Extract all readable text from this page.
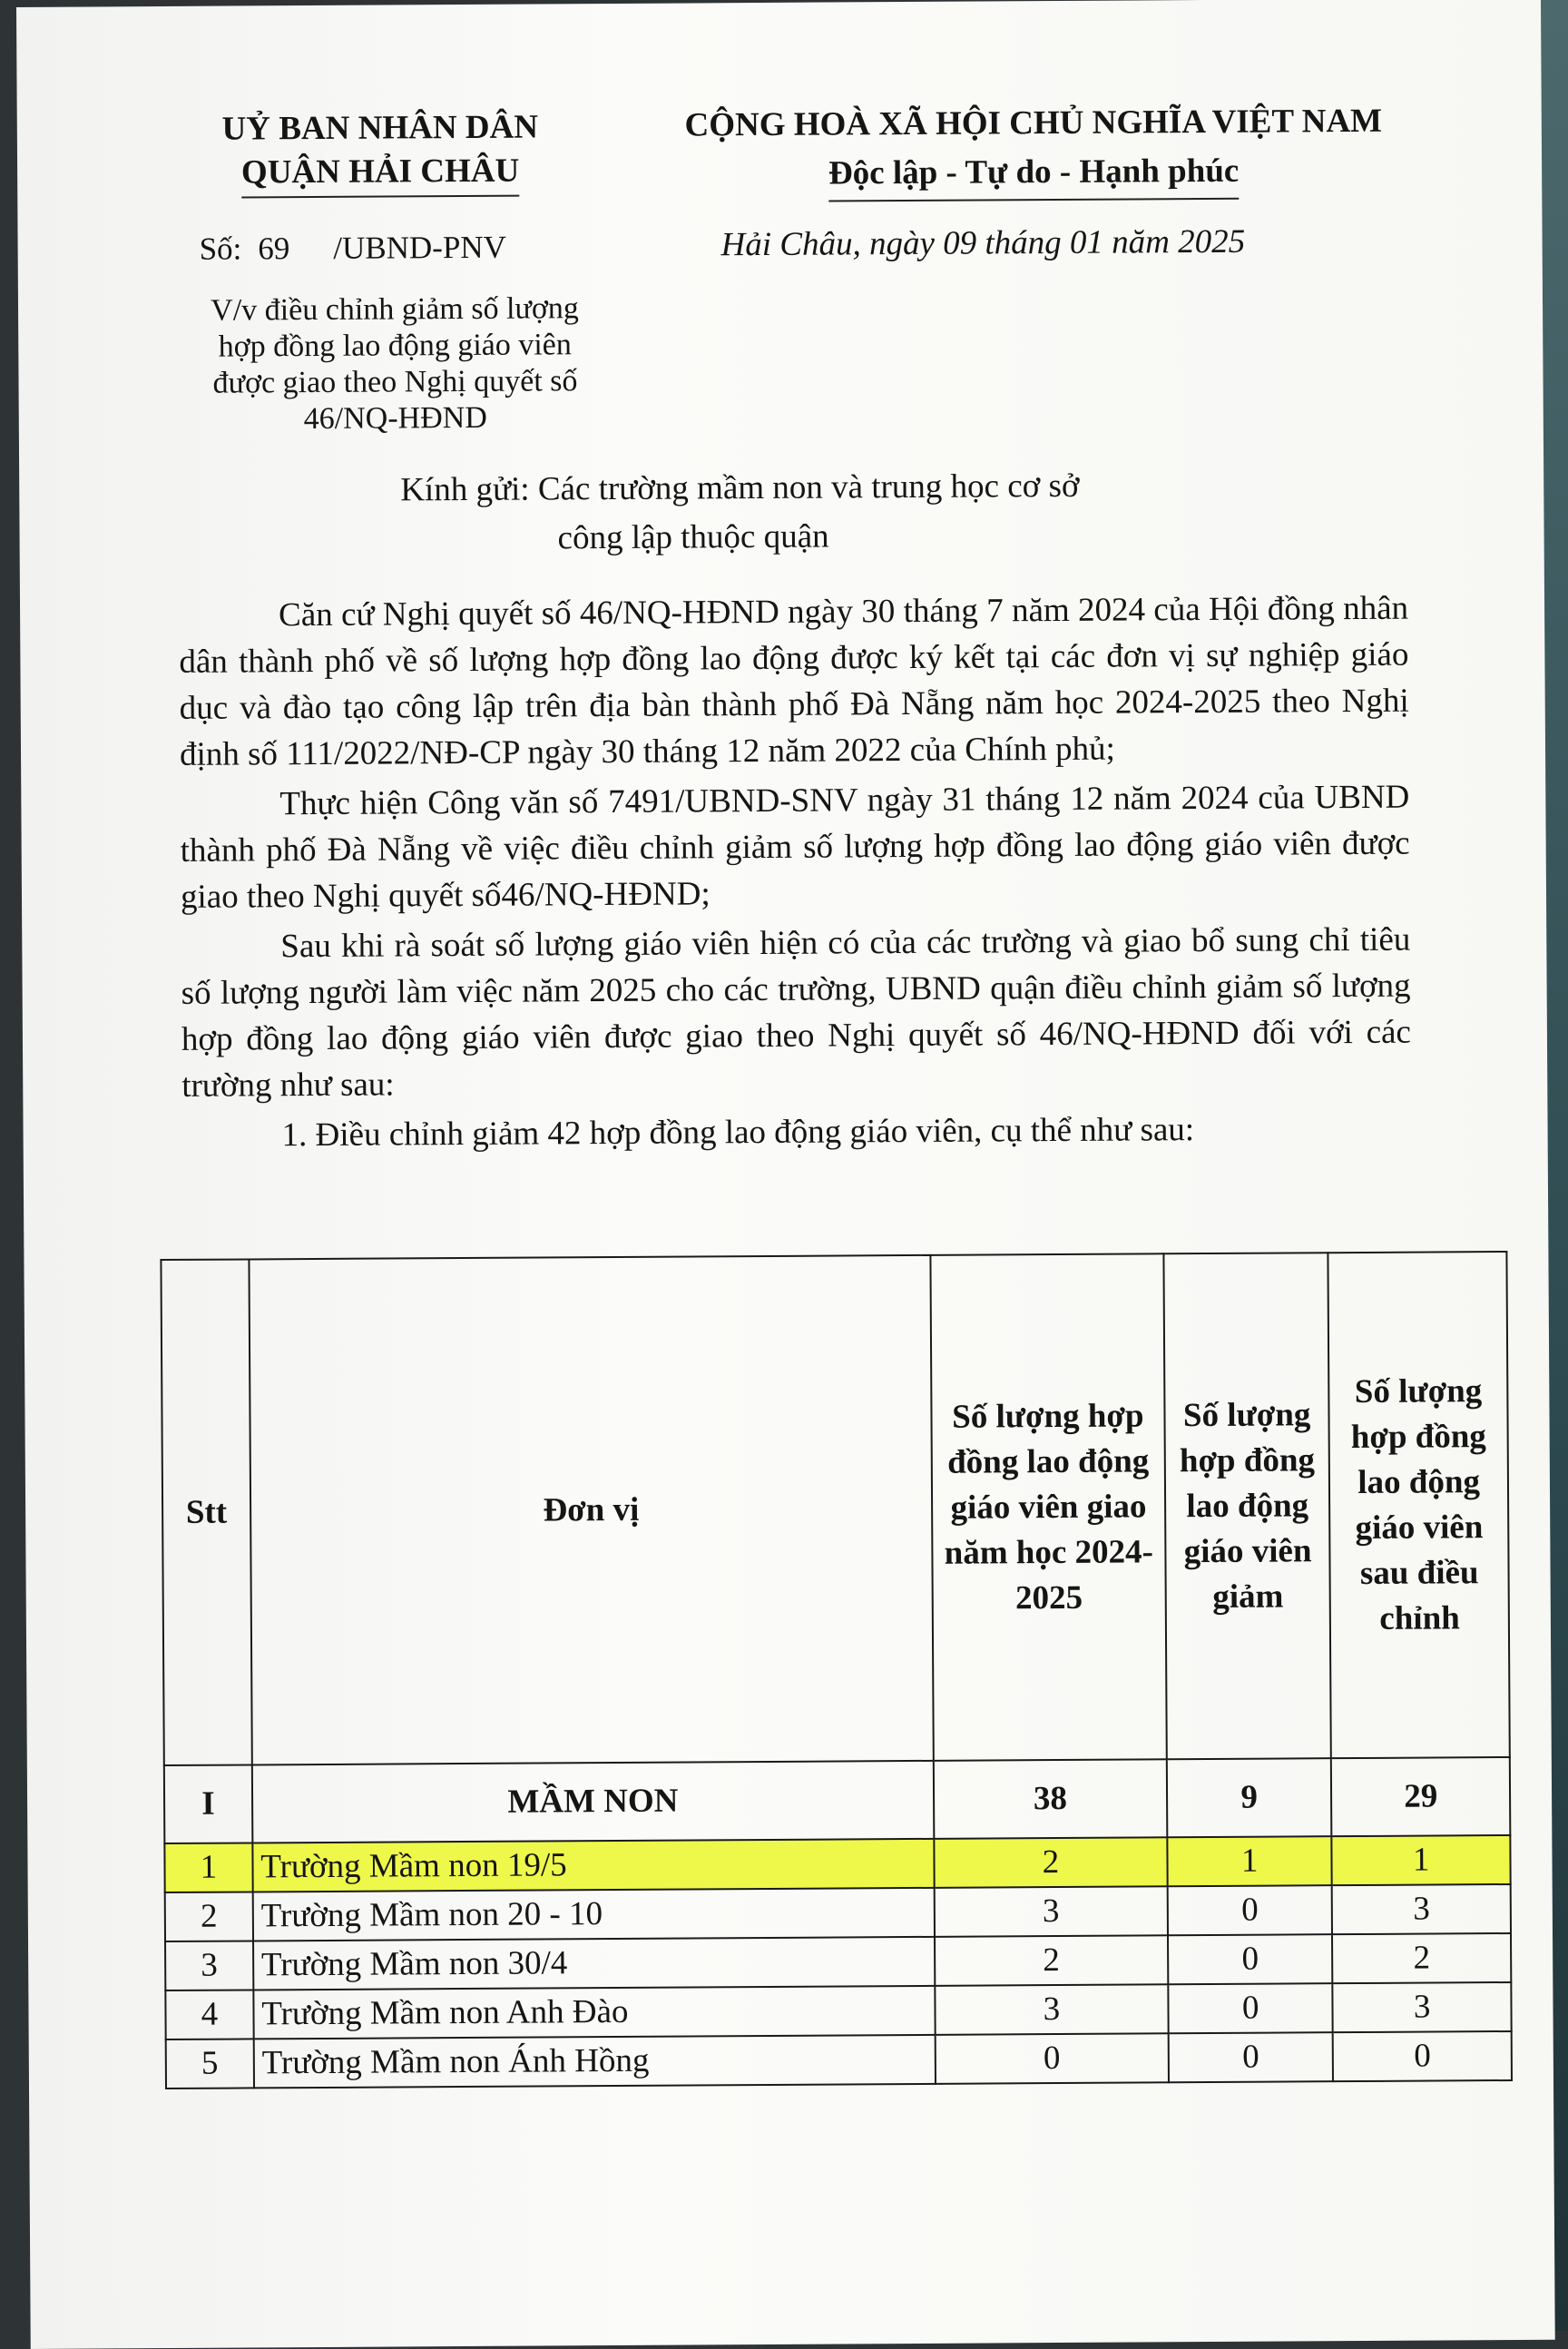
UỶ BAN NHÂN DÂN
QUẬN HẢI CHÂU
CỘNG HOÀ XÃ HỘI CHỦ NGHĨA VIỆT NAM
Độc lập - Tự do - Hạnh phúc
Số: 69 /UBND-PNV	Hải Châu, ngày 09 tháng 01 năm 2025
V/v điều chỉnh giảm số lượng
hợp đồng lao động giáo viên
được giao theo Nghị quyết số
46/NQ-HĐND
Kính gửi: Các trường mầm non và trung học cơ sở
công lập thuộc quận

Căn cứ Nghị quyết số 46/NQ-HĐND ngày 30 tháng 7 năm 2024 của Hội đồng nhân dân thành phố về số lượng hợp đồng lao động được ký kết tại các đơn vị sự nghiệp giáo dục và đào tạo công lập trên địa bàn thành phố Đà Nẵng năm học 2024-2025 theo Nghị định số 111/2022/NĐ-CP ngày 30 tháng 12 năm 2022 của Chính phủ;

Thực hiện Công văn số 7491/UBND-SNV ngày 31 tháng 12 năm 2024 của UBND thành phố Đà Nẵng về việc điều chỉnh giảm số lượng hợp đồng lao động giáo viên được giao theo Nghị quyết số46/NQ-HĐND;

Sau khi rà soát số lượng giáo viên hiện có của các trường và giao bổ sung chỉ tiêu số lượng người làm việc năm 2025 cho các trường, UBND quận điều chỉnh giảm số lượng hợp đồng lao động giáo viên được giao theo Nghị quyết số 46/NQ-HĐND đối với các trường như sau:

1. Điều chỉnh giảm 42 hợp đồng lao động giáo viên, cụ thể như sau:

Stt	Đơn vị	Số lượng hợp đồng lao động giáo viên giao năm học 2024-2025	Số lượng hợp đồng lao động giáo viên giảm	Số lượng hợp đồng lao động giáo viên sau điều chỉnh
I	MẦM NON	38	9	29
1	Trường Mầm non 19/5	2	1	1
2	Trường Mầm non 20 - 10	3	0	3
3	Trường Mầm non 30/4	2	0	2
4	Trường Mầm non Anh Đào	3	0	3
5	Trường Mầm non Ánh Hồng	0	0	0
